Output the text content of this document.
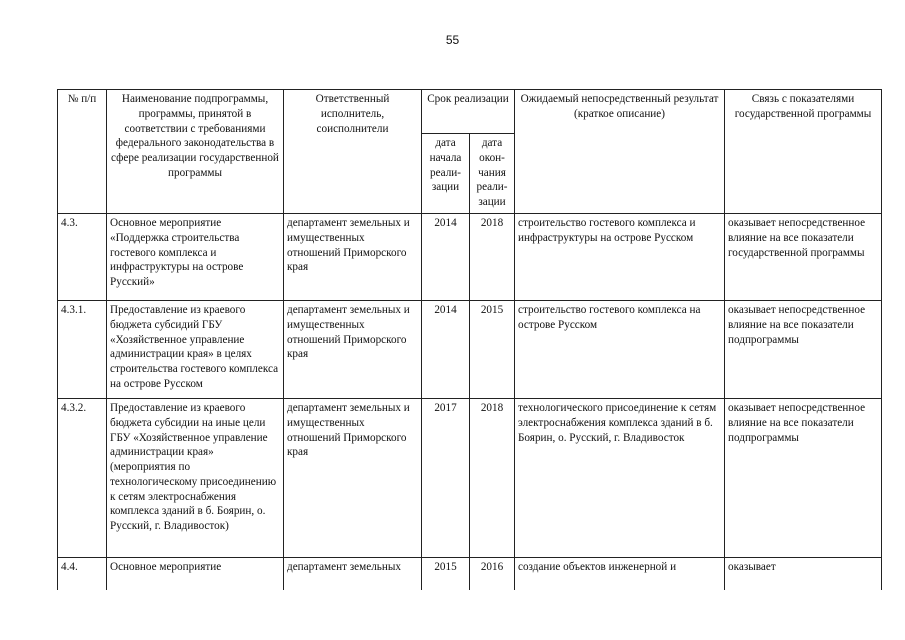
55
№ п/п	Наименование подпрограммы, программы, принятой в соответствии с требованиями федерального законодательства в сфере реализации государственной программы	Ответственный исполнитель, соисполнители	Срок реализации		Ожидаемый непосредственный результат (краткое описание)	Связь с показателями государственной программы
			дата начала реали-зации	дата окон-чания реали-зации		
4.3.	Основное мероприятие «Поддержка строительства гостевого комплекса и инфраструктуры на острове Русский»	департамент земельных и имущественных отношений Приморского края	2014	2018	строительство гостевого комплекса и инфраструктуры на острове Русском	оказывает непосредственное влияние на все показатели государственной программы
4.3.1.	Предоставление из краевого бюджета субсидий ГБУ «Хозяйственное управление администрации края» в целях строительства гостевого комплекса на острове Русском	департамент земельных и имущественных отношений Приморского края	2014	2015	строительство гостевого комплекса на острове Русском	оказывает непосредственное влияние на все показатели подпрограммы
4.3.2.	Предоставление из краевого бюджета субсидии на иные цели ГБУ «Хозяйственное управление администрации края» (мероприятия по технологическому присоединению к сетям электроснабжения комплекса зданий в б. Боярин, о. Русский, г. Владивосток)	департамент земельных и имущественных отношений Приморского края	2017	2018	технологического присоединение к сетям электроснабжения комплекса зданий в б. Боярин, о. Русский, г. Владивосток	оказывает непосредственное влияние на все показатели подпрограммы
4.4.	Основное мероприятие	департамент земельных	2015	2016	создание объектов инженерной и	оказывает
